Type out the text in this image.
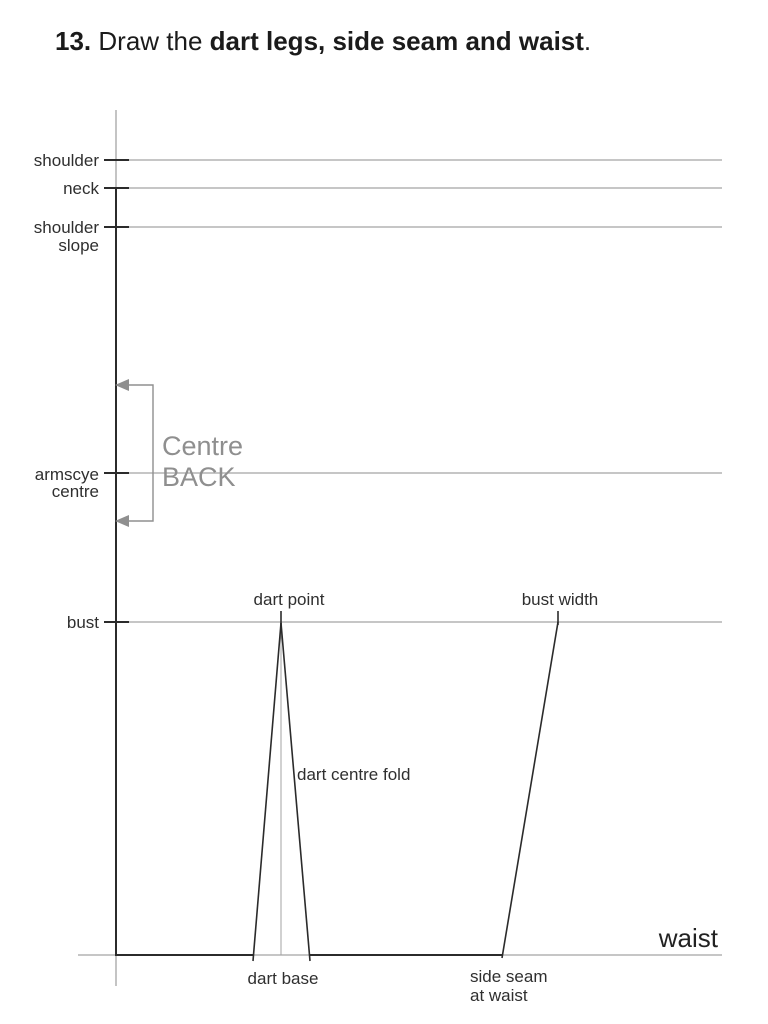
13. Draw the dart legs, side seam and waist.
shoulder
neck
shoulder
slope
armscye
centre
bust
Centre
BACK
dart point	bust width
dart centre fold
dart base	side seam
at waist
waist
